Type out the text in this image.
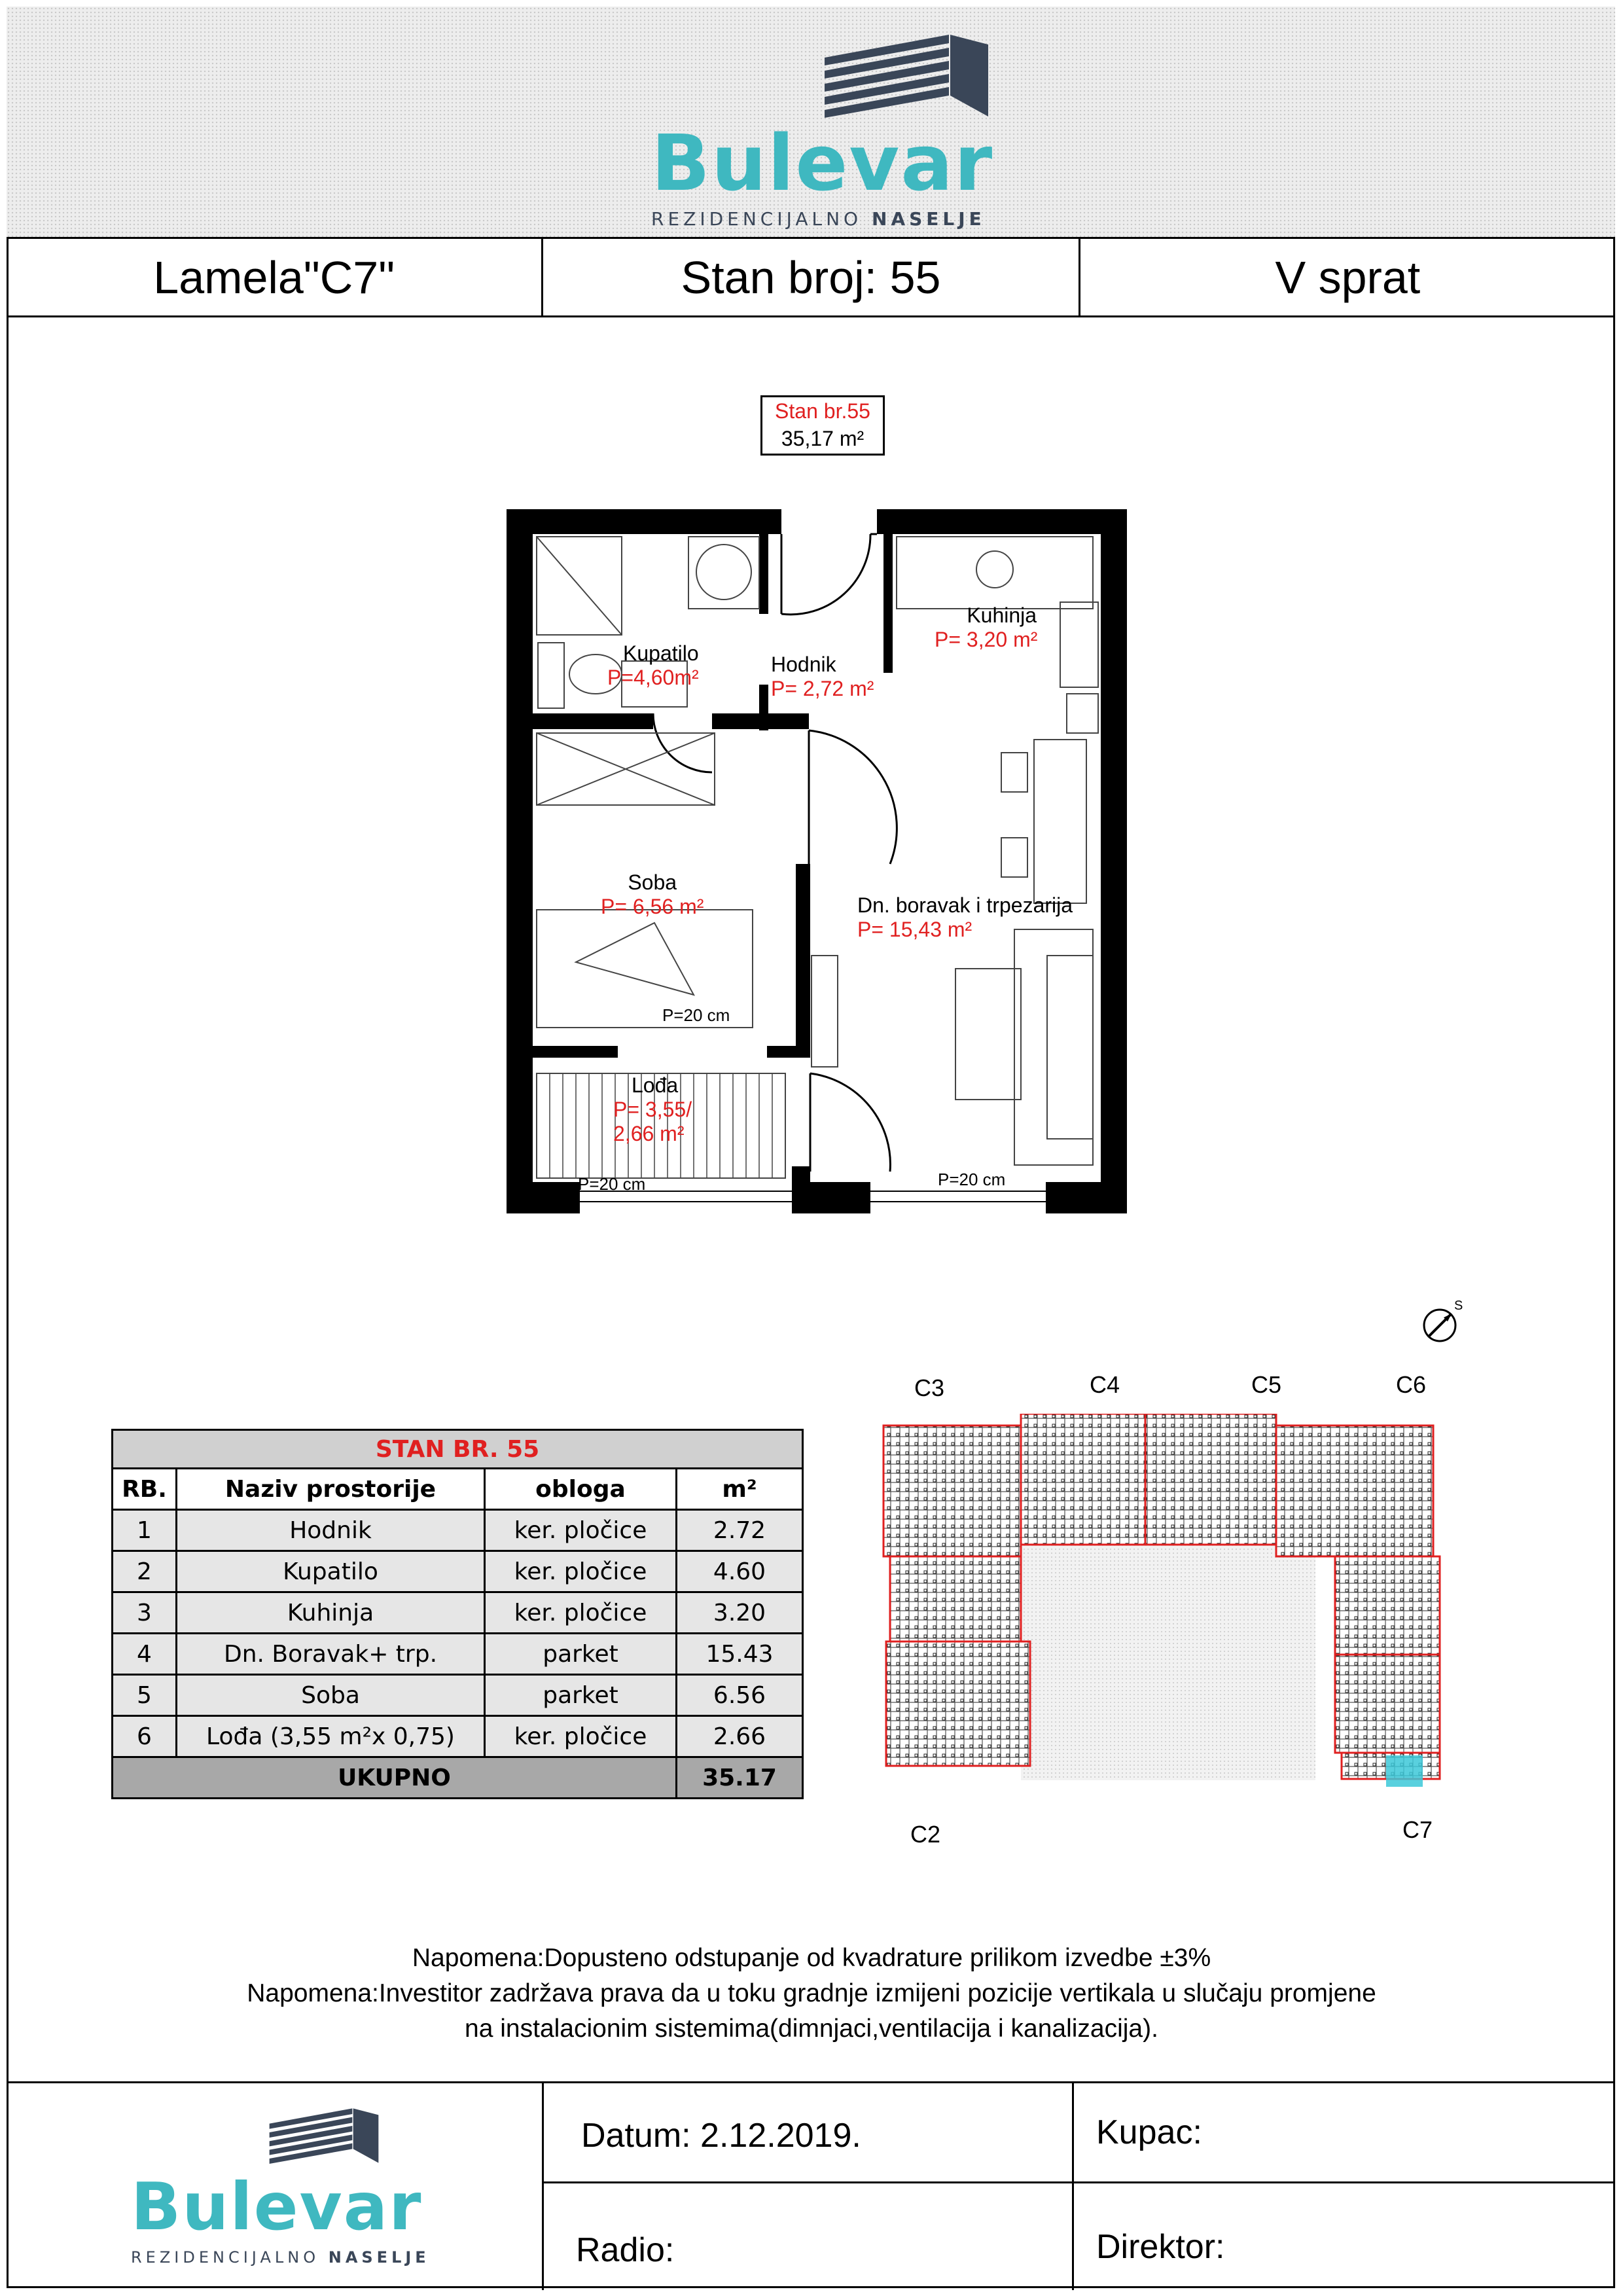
Bulevar
REZIDENCIJALNO NASELJE
Lamela"C7"	Stan broj: 55	V sprat
Stan br.55
35,17 m²
Kupatilo
P=4,60m²
Hodnik
P= 2,72 m²
Kuhinja
P= 3,20 m²
Soba
P= 6,56 m²	Dn. boravak i trpezarija
P= 15,43 m²
Lođa
P= 3,55/
2,66 m²
P=20 cm
P=20 cm	P=20 cm
STAN BR. 55			
RB.	Naziv prostorije	obloga	m²
1	Hodnik	ker. pločice	2.72
2	Kupatilo	ker. pločice	4.60
3	Kuhinja	ker. pločice	3.20
4	Dn. Boravak+ trp.	parket	15.43
5	Soba	parket	6.56
6	Lođa (3,55 m²x 0,75)	ker. pločice	2.66
UKUPNO			35.17
C3	C4	C5	C6
C2	C7
S
Napomena:Dopusteno odstupanje od kvadrature prilikom izvedbe ±3%
Napomena:Investitor zadržava prava da u toku gradnje izmijeni pozicije vertikala u slučaju promjene
na instalacionim sistemima(dimnjaci,ventilacija i kanalizacija).
Bulevar
REZIDENCIJALNO NASELJE
Datum: 2.12.2019.	Kupac:
Radio:	Direktor:
